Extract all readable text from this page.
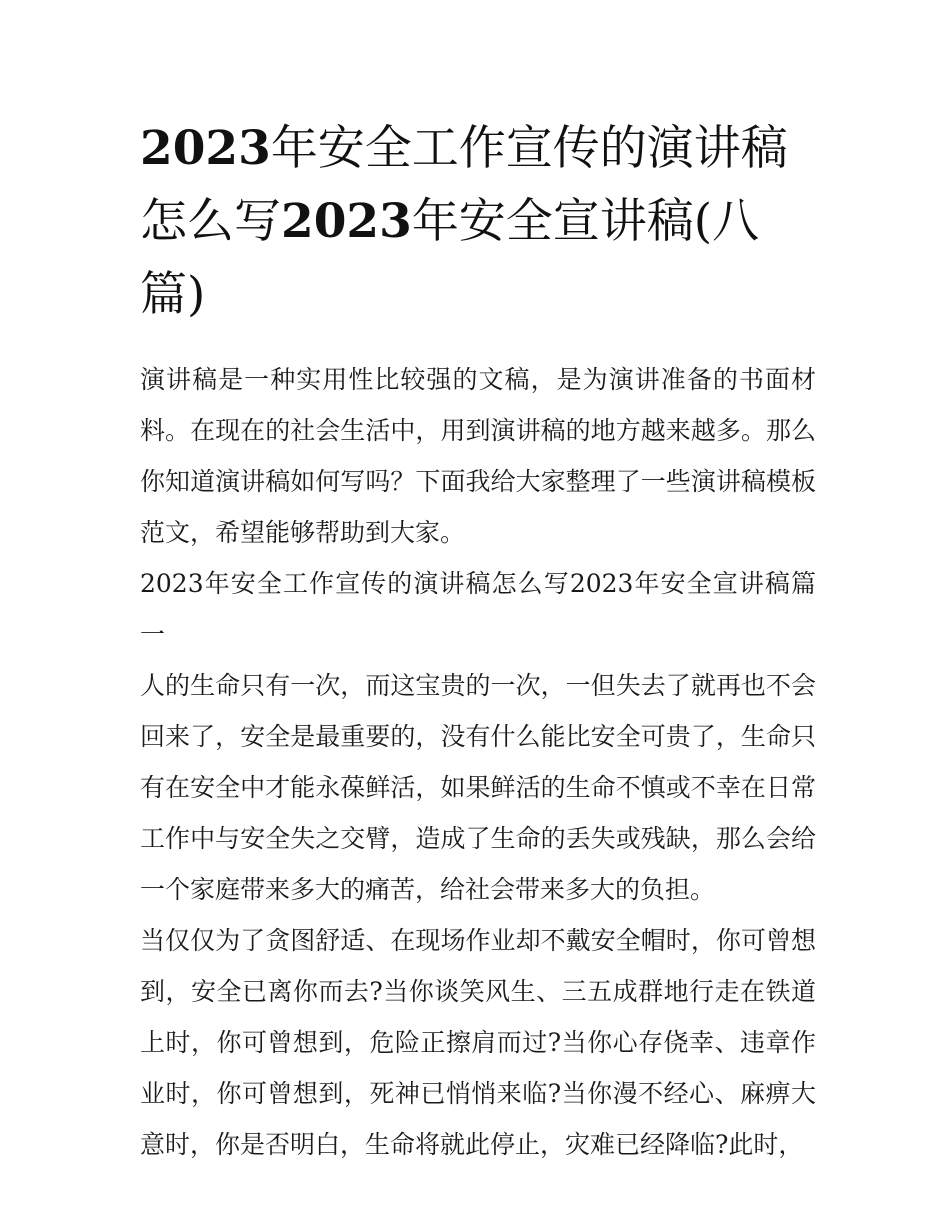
2023年安全工作宣传的演讲稿
怎么写2023年安全宣讲稿(八
篇)

演讲稿是一种实用性比较强的文稿，是为演讲准备的书面材料。在现在的社会生活中，用到演讲稿的地方越来越多。那么你知道演讲稿如何写吗？下面我给大家整理了一些演讲稿模板范文，希望能够帮助到大家。

2023年安全工作宣传的演讲稿怎么写2023年安全宣讲稿篇一

人的生命只有一次，而这宝贵的一次，一但失去了就再也不会回来了，安全是最重要的，没有什么能比安全可贵了，生命只有在安全中才能永葆鲜活，如果鲜活的生命不慎或不幸在日常工作中与安全失之交臂，造成了生命的丢失或残缺，那么会给一个家庭带来多大的痛苦，给社会带来多大的负担。

当仅仅为了贪图舒适、在现场作业却不戴安全帽时，你可曾想到，安全已离你而去?当你谈笑风生、三五成群地行走在铁道上时，你可曾想到，危险正擦肩而过?当你心存侥幸、违章作业时，你可曾想到，死神已悄悄来临?当你漫不经心、麻痹大意时，你是否明白，生命将就此停止，灾难已经降临?此时，
